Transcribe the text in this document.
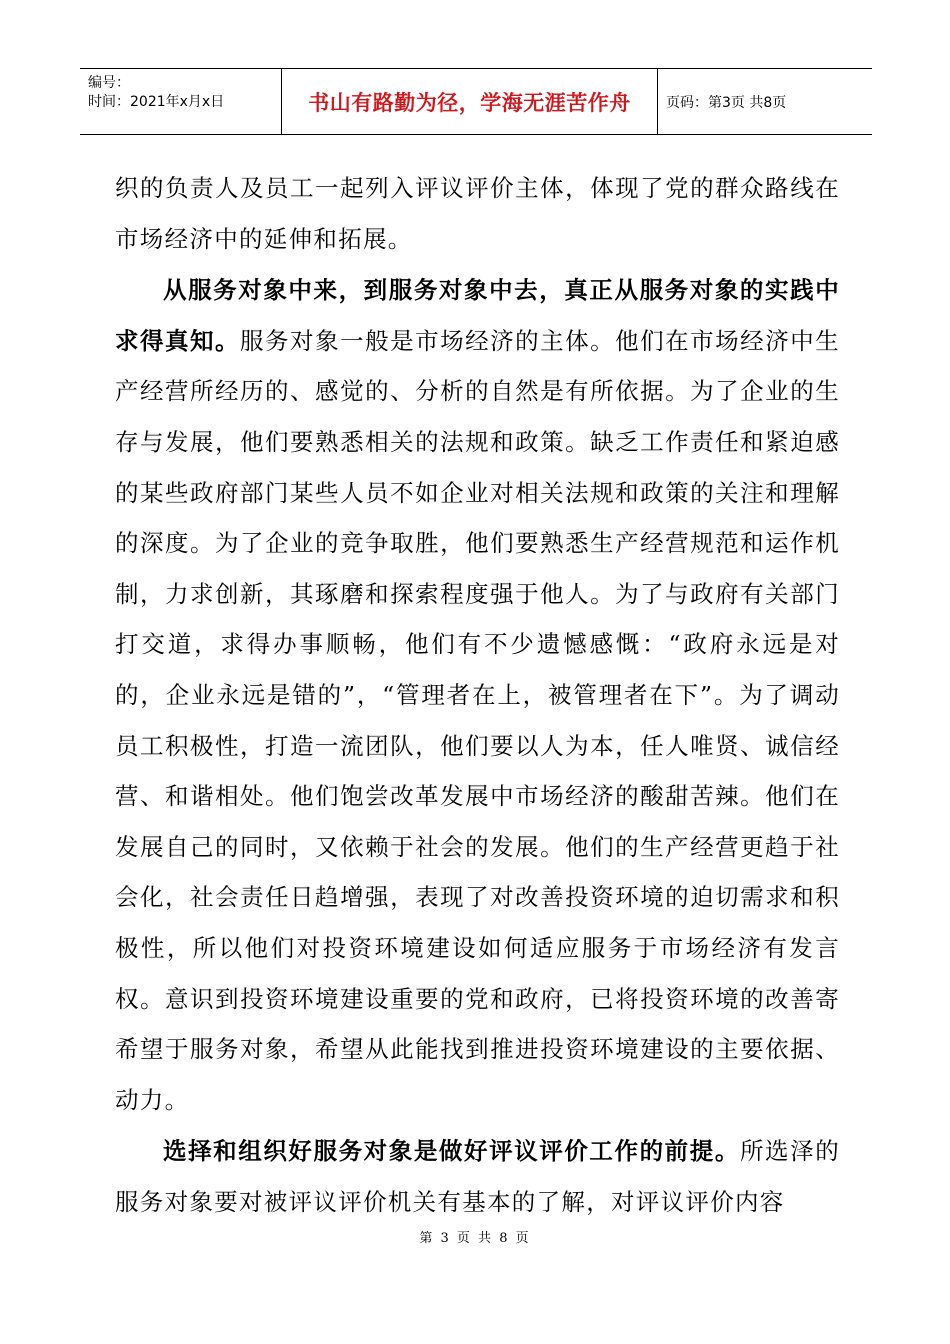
编号：
时间：2021年x月x日	书山有路勤为径，学海无涯苦作舟	页码：第3页 共8页

织的负责人及员工一起列入评议评价主体，体现了党的群众路线在市场经济中的延伸和拓展。

从服务对象中来，到服务对象中去，真正从服务对象的实践中求得真知。服务对象一般是市场经济的主体。他们在市场经济中生产经营所经历的、感觉的、分析的自然是有所依据。为了企业的生存与发展，他们要熟悉相关的法规和政策。缺乏工作责任和紧迫感的某些政府部门某些人员不如企业对相关法规和政策的关注和理解的深度。为了企业的竞争取胜，他们要熟悉生产经营规范和运作机制，力求创新，其琢磨和探索程度强于他人。为了与政府有关部门打交道，求得办事顺畅，他们有不少遗憾感慨：“政府永远是对的，企业永远是错的”，“管理者在上，被管理者在下”。为了调动员工积极性，打造一流团队，他们要以人为本，任人唯贤、诚信经营、和谐相处。他们饱尝改革发展中市场经济的酸甜苦辣。他们在发展自己的同时，又依赖于社会的发展。他们的生产经营更趋于社会化，社会责任日趋增强，表现了对改善投资环境的迫切需求和积极性，所以他们对投资环境建设如何适应服务于市场经济有发言权。意识到投资环境建设重要的党和政府，已将投资环境的改善寄希望于服务对象，希望从此能找到推进投资环境建设的主要依据、动力。

选择和组织好服务对象是做好评议评价工作的前提。所选泽的服务对象要对被评议评价机关有基本的了解，对评议评价内容

第 3 页 共 8 页
